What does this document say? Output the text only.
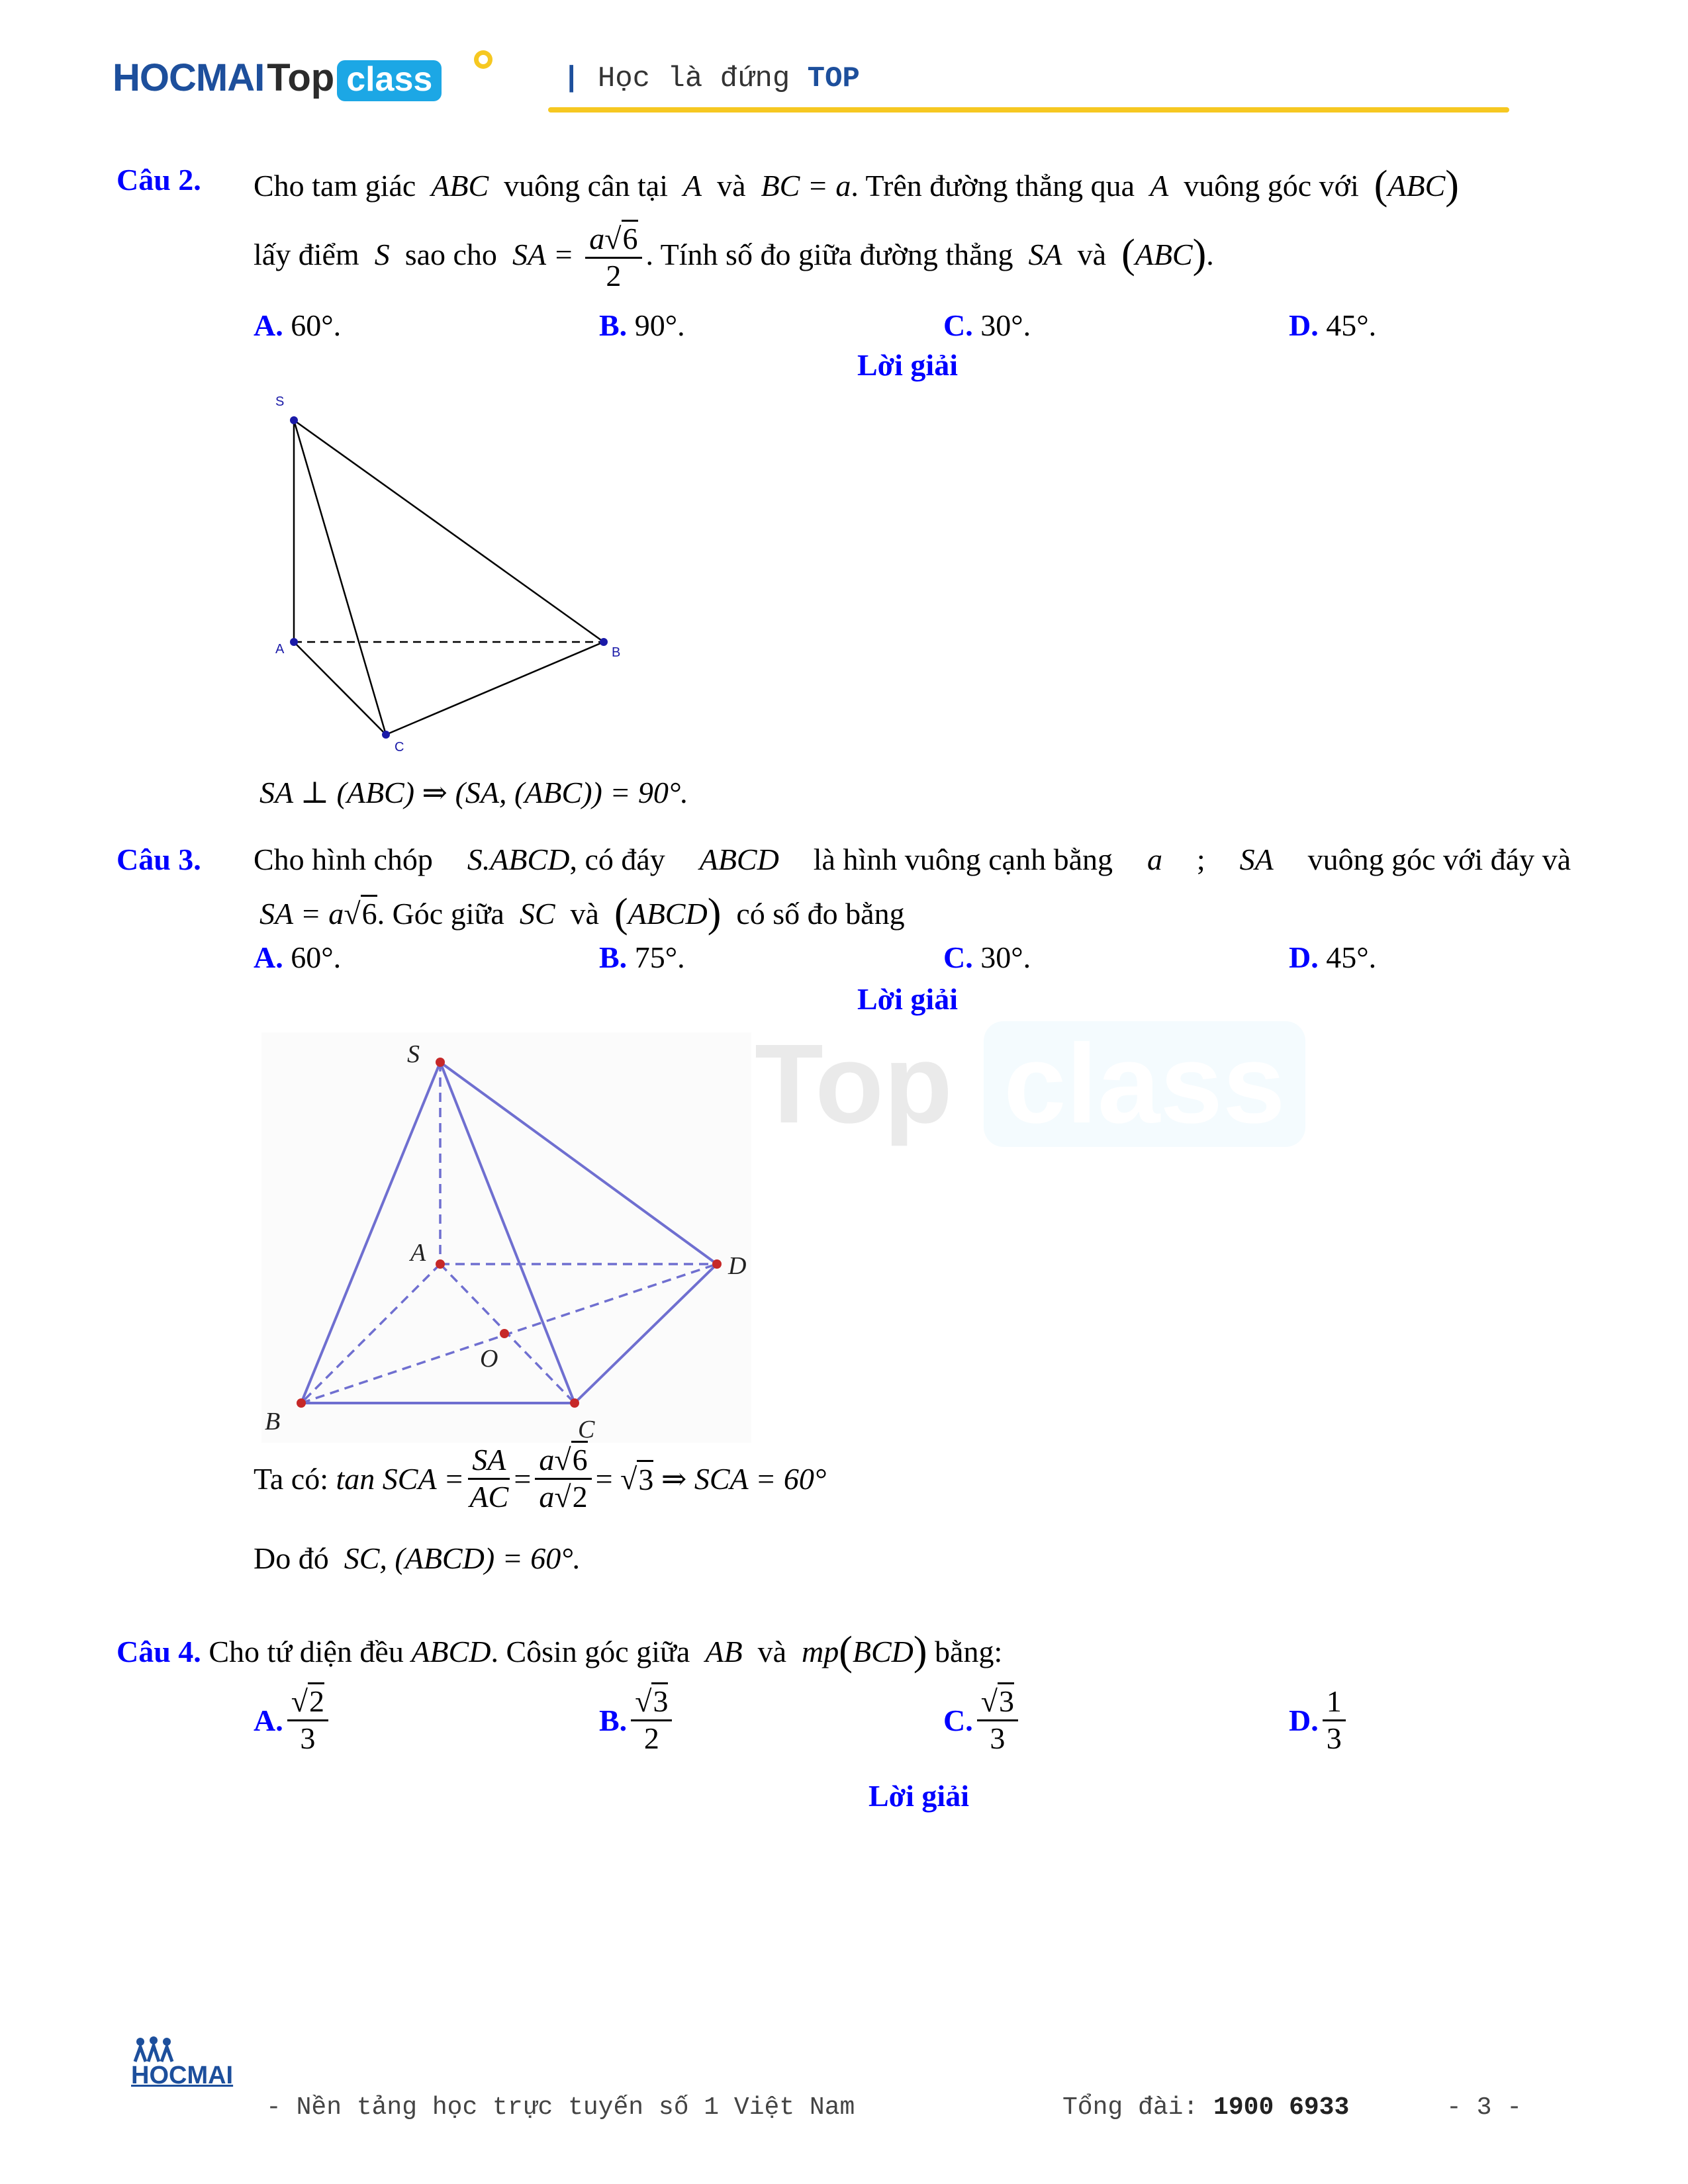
HOCMAI Top class	| Học là đứng TOP
Top
Câu 2. Cho tam giác ABC vuông cân tại A và BC = a. Trên đường thẳng qua A vuông góc với (ABC)
lấy điểm S sao cho SA = $\frac{a√6}{2}$ . Tính số đo giữa đường thẳng SA và (ABC).
A. 60°.	B. 90°.	C. 30°.	D. 45°.
Lời giải
S
A	B
C
SA ⊥ (ABC) ⇒ (SA, (ABC)) = 90°.
Câu 3. Cho hình chóp S.ABCD, có đáy ABCD là hình vuông cạnh bằng a ; SA vuông góc với đáy và
SA = a√6. Góc giữa SC và (ABCD) có số đo bằng
A. 60°.	B. 75°.	C. 30°.	D. 45°.
Lời giải
S
A	D
B	C
O
Ta có:
tan SCA = $\frac{SA}{AC} = \frac{a√6}{a√2}$ = √ 3
⇒ SCA = 60°
Do đó SC, (ABCD) = 60°.
Câu 4. Cho tứ diện đều ABCD. Côsin góc giữa AB và mp(BCD) bằng:
A. $\frac{√2}{3}$	B. $\frac{√3}{2}$	C. $\frac{√3}{3}$	D. $\frac{1}{3}$
Lời giải
HOCMAI
- Nền tảng học trực tuyến số 1 Việt Nam	Tổng đài: 1900 6933	- 3 -
